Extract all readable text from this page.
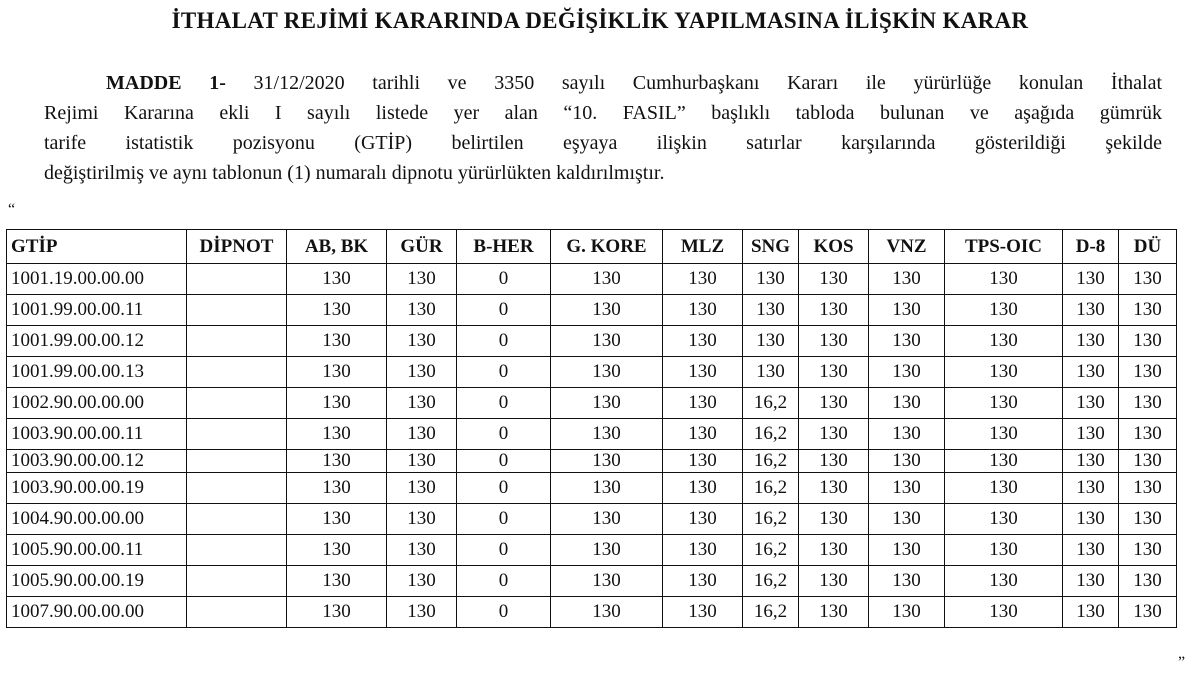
İTHALAT REJİMİ KARARINDA DEĞİŞİKLİK YAPILMASINA İLİŞKİN KARAR
MADDE 1- 31/12/2020 tarihli ve 3350 sayılı Cumhurbaşkanı Kararı ile yürürlüğe konulan İthalat
Rejimi Kararına ekli I sayılı listede yer alan “10. FASIL” başlıklı tabloda bulunan ve aşağıda gümrük
tarife istatistik pozisyonu (GTİP) belirtilen eşyaya ilişkin satırlar karşılarında gösterildiği şekilde
değiştirilmiş ve aynı tablonun (1) numaralı dipnotu yürürlükten kaldırılmıştır.
“
GTİP	DİPNOT	AB, BK	GÜR	B-HER	G. KORE	MLZ	SNG	KOS	VNZ	TPS-OIC	D-8	DÜ
1001.19.00.00.00		130	130	0	130	130	130	130	130	130	130	130
1001.99.00.00.11		130	130	0	130	130	130	130	130	130	130	130
1001.99.00.00.12		130	130	0	130	130	130	130	130	130	130	130
1001.99.00.00.13		130	130	0	130	130	130	130	130	130	130	130
1002.90.00.00.00		130	130	0	130	130	16,2	130	130	130	130	130
1003.90.00.00.11		130	130	0	130	130	16,2	130	130	130	130	130
1003.90.00.00.12		130	130	0	130	130	16,2	130	130	130	130	130
1003.90.00.00.19		130	130	0	130	130	16,2	130	130	130	130	130
1004.90.00.00.00		130	130	0	130	130	16,2	130	130	130	130	130
1005.90.00.00.11		130	130	0	130	130	16,2	130	130	130	130	130
1005.90.00.00.19		130	130	0	130	130	16,2	130	130	130	130	130
1007.90.00.00.00		130	130	0	130	130	16,2	130	130	130	130	130
”
